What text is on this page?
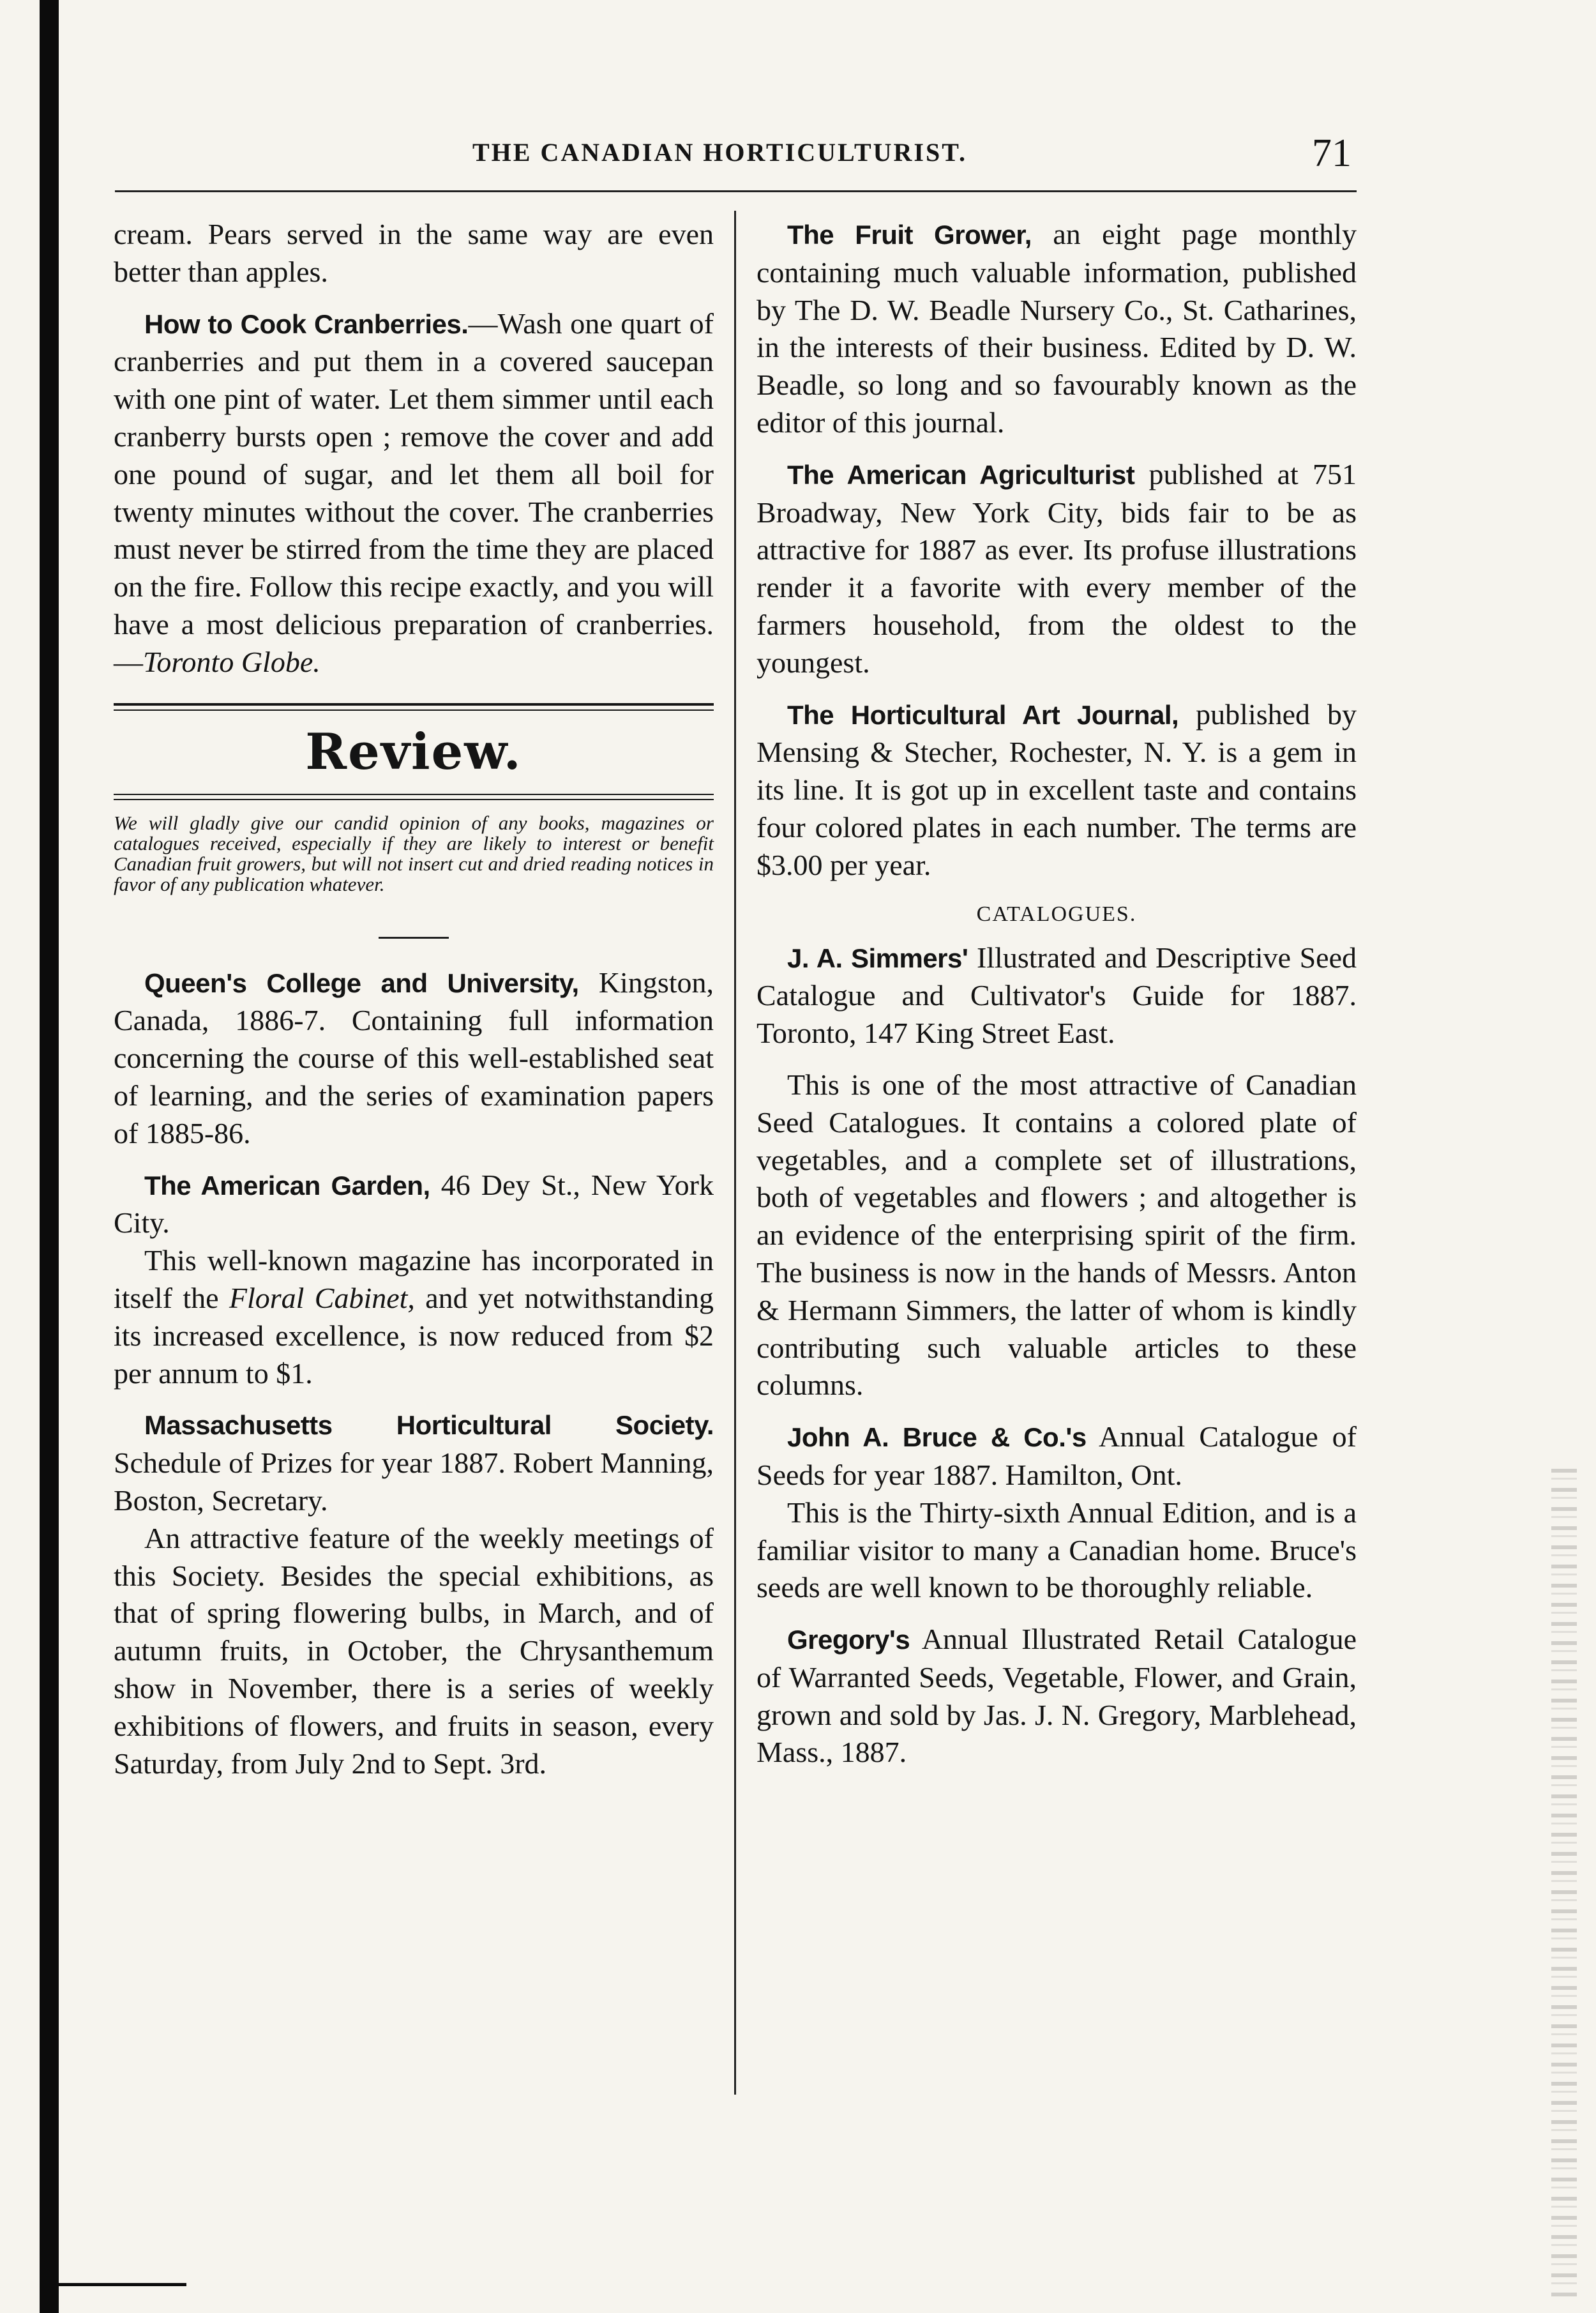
THE CANADIAN HORTICULTURIST.	71

cream. Pears served in the same way are even better than apples.

How to Cook Cranberries.—Wash one quart of cranberries and put them in a covered saucepan with one pint of water. Let them simmer until each cranberry bursts open ; remove the cover and add one pound of sugar, and let them all boil for twenty minutes without the cover. The cranberries must never be stirred from the time they are placed on the fire. Follow this recipe exactly, and you will have a most delicious preparation of cranberries.—Toronto Globe.

Review.

We will gladly give our candid opinion of any books, magazines or catalogues received, especially if they are likely to interest or benefit Canadian fruit growers, but will not insert cut and dried reading notices in favor of any publication whatever.

Queen's College and University, Kingston, Canada, 1886-7. Containing full information concerning the course of this well-established seat of learning, and the series of examination papers of 1885-86.

The American Garden, 46 Dey St., New York City.

This well-known magazine has incorporated in itself the Floral Cabinet, and yet notwithstanding its increased excellence, is now reduced from $2 per annum to $1.

Massachusetts Horticultural Society. Schedule of Prizes for year 1887. Robert Manning, Boston, Secretary.

An attractive feature of the weekly meetings of this Society. Besides the special exhibitions, as that of spring flowering bulbs, in March, and of autumn fruits, in October, the Chrysanthemum show in November, there is a series of weekly exhibitions of flowers, and fruits in season, every Saturday, from July 2nd to Sept. 3rd.

The Fruit Grower, an eight page monthly containing much valuable information, published by The D. W. Beadle Nursery Co., St. Catharines, in the interests of their business. Edited by D. W. Beadle, so long and so favourably known as the editor of this journal.

The American Agriculturist published at 751 Broadway, New York City, bids fair to be as attractive for 1887 as ever. Its profuse illustrations render it a favorite with every member of the farmers household, from the oldest to the youngest.

The Horticultural Art Journal, published by Mensing & Stecher, Rochester, N. Y. is a gem in its line. It is got up in excellent taste and contains four colored plates in each number. The terms are $3.00 per year.

CATALOGUES.

J. A. Simmers' Illustrated and Descriptive Seed Catalogue and Cultivator's Guide for 1887. Toronto, 147 King Street East.

This is one of the most attractive of Canadian Seed Catalogues. It contains a colored plate of vegetables, and a complete set of illustrations, both of vegetables and flowers ; and altogether is an evidence of the enterprising spirit of the firm. The business is now in the hands of Messrs. Anton & Hermann Simmers, the latter of whom is kindly contributing such valuable articles to these columns.

John A. Bruce & Co.'s Annual Catalogue of Seeds for year 1887. Hamilton, Ont.

This is the Thirty-sixth Annual Edition, and is a familiar visitor to many a Canadian home. Bruce's seeds are well known to be thoroughly reliable.

Gregory's Annual Illustrated Retail Catalogue of Warranted Seeds, Vegetable, Flower, and Grain, grown and sold by Jas. J. N. Gregory, Marblehead, Mass., 1887.
